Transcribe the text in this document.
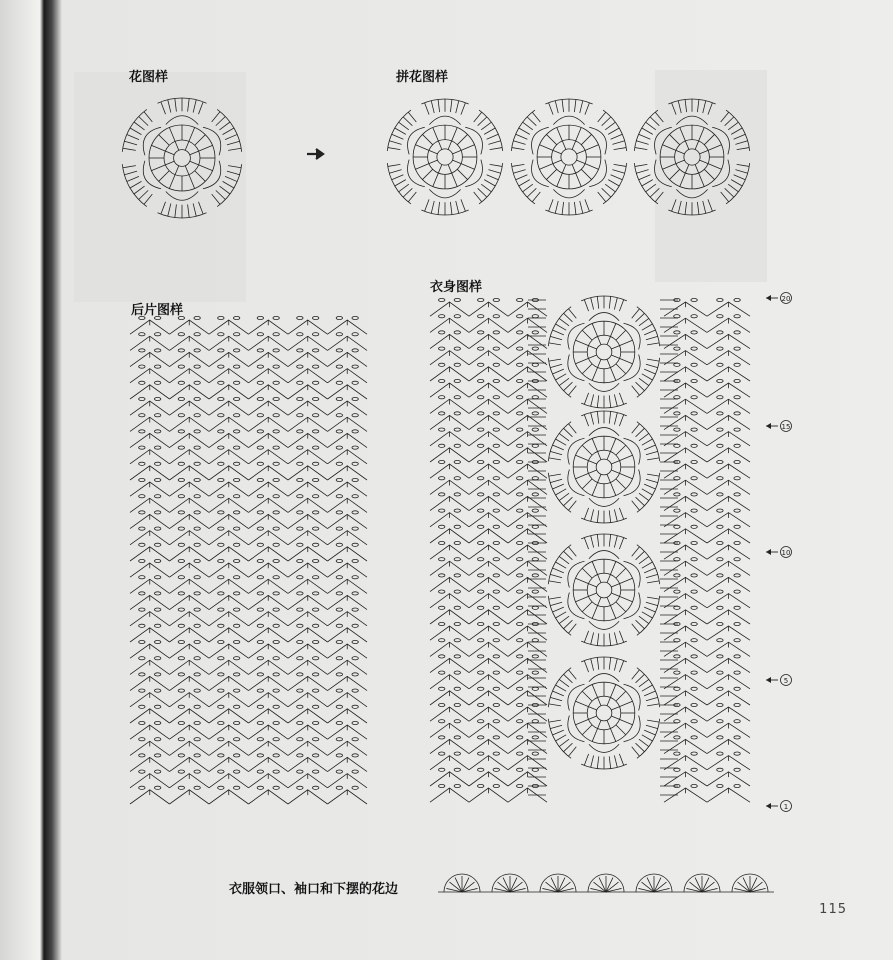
花图样	拼花图样
后片图样
衣身图样
衣服领口、袖口和下摆的花边
115
20
15
10
5
1
